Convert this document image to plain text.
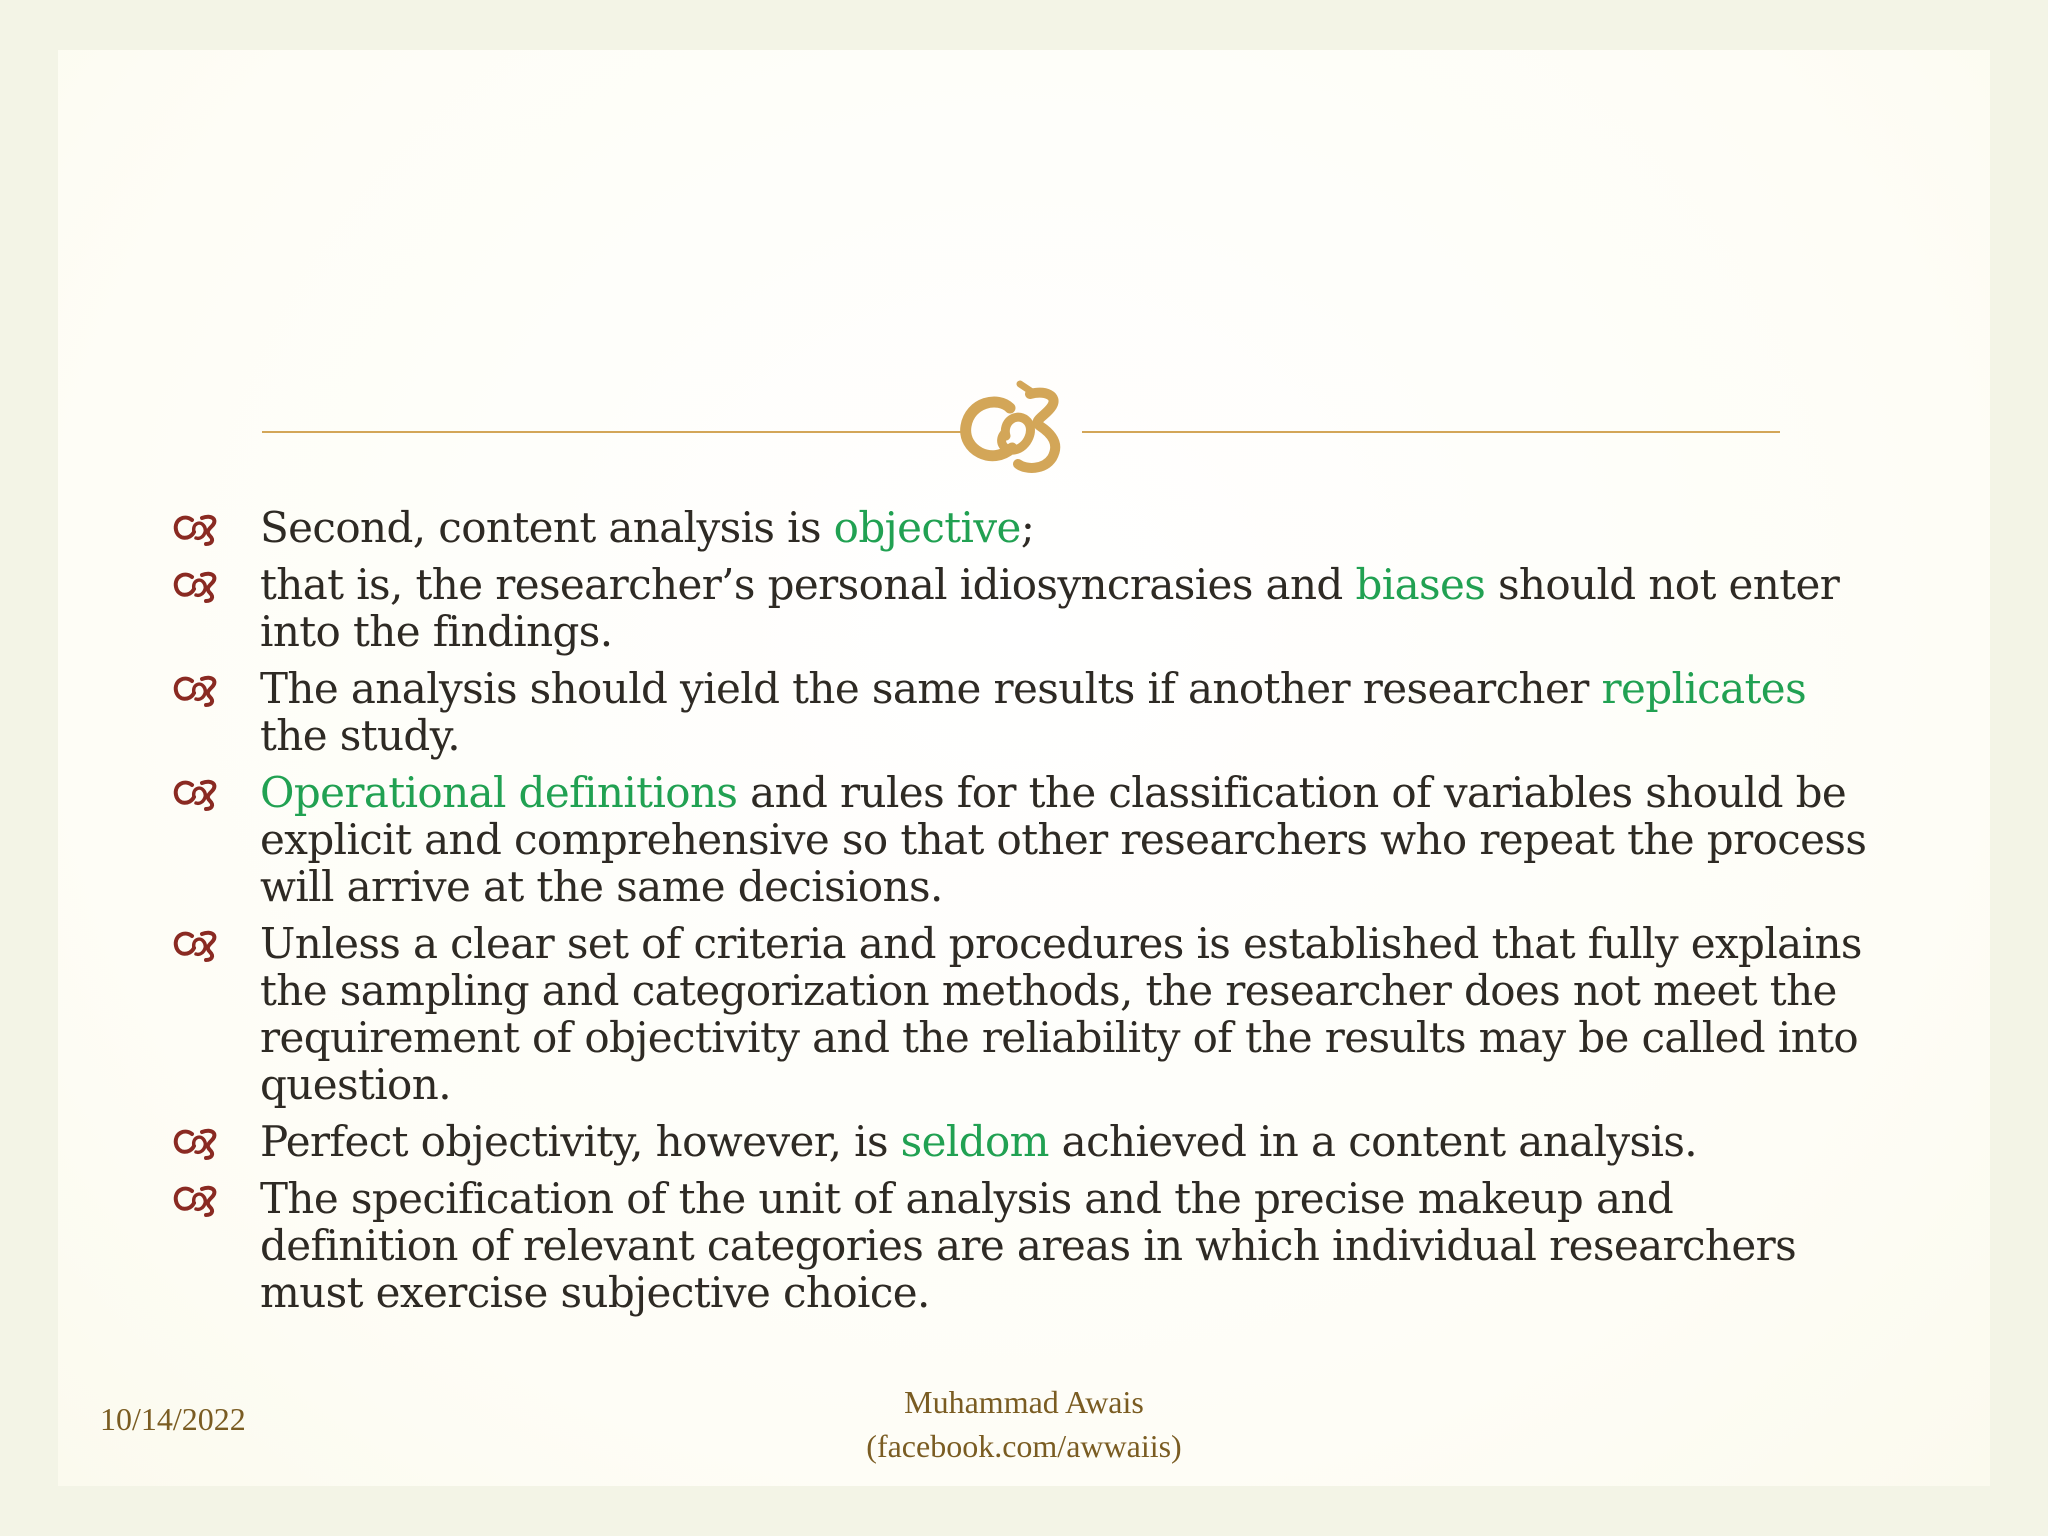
Second, content analysis is objective;
that is, the researcher’s personal idiosyncrasies and biases should not enter into the findings.
The analysis should yield the same results if another researcher replicates the study.
Operational definitions and rules for the classification of variables should be explicit and comprehensive so that other researchers who repeat the process will arrive at the same decisions.
Unless a clear set of criteria and procedures is established that fully explains the sampling and categorization methods, the researcher does not meet the requirement of objectivity and the reliability of the results may be called into question.
Perfect objectivity, however, is seldom achieved in a content analysis.
The specification of the unit of analysis and the precise makeup and definition of relevant categories are areas in which individual researchers must exercise subjective choice.
10/14/2022	Muhammad Awais
(facebook.com/awwaiis)
